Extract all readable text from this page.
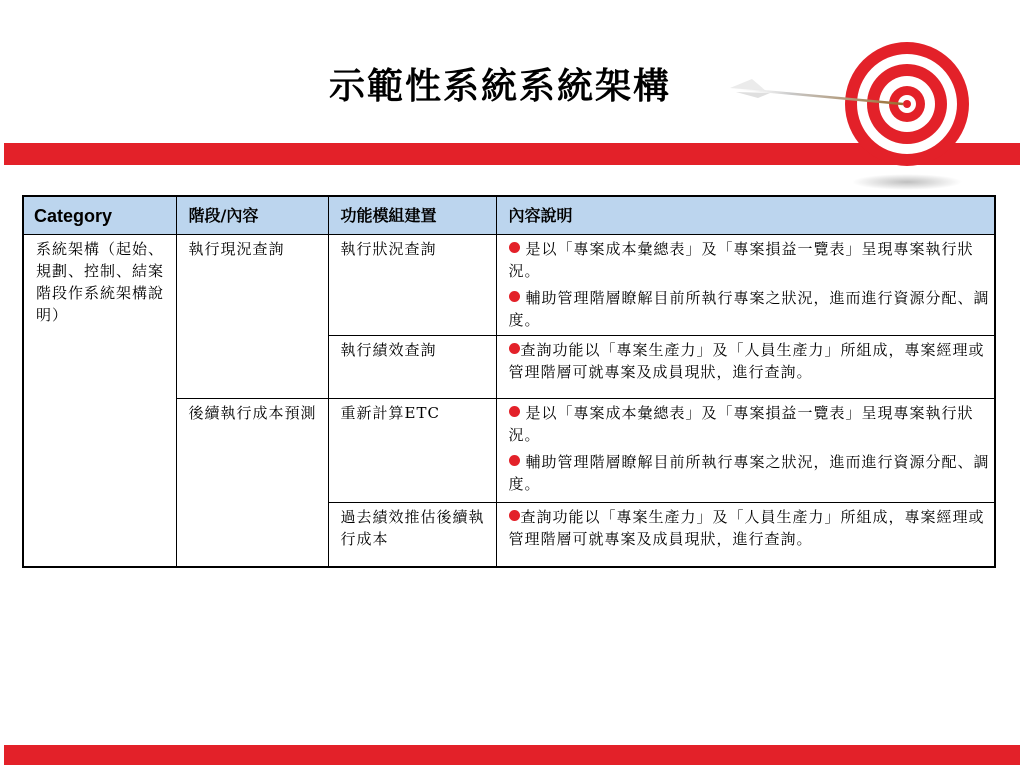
示範性系統系統架構
Category	階段/內容	功能模組建置	內容說明
系統架構（起始、規劃、控制、結案階段作系統架構說明）	執行現況查詢	執行狀況查詢	是以「專案成本彙總表」及「專案損益一覽表」呈現專案執行狀況。
輔助管理階層瞭解目前所執行專案之狀況，進而進行資源分配、調度。

		執行績效查詢	查詢功能以「專案生產力」及「人員生產力」所組成，專案經理或管理階層可就專案及成員現狀，進行查詢。

	後續執行成本預測	重新計算ETC	是以「專案成本彙總表」及「專案損益一覽表」呈現專案執行狀況。
輔助管理階層瞭解目前所執行專案之狀況，進而進行資源分配、調度。

		過去績效推估後續執行成本	查詢功能以「專案生產力」及「人員生產力」所組成，專案經理或管理階層可就專案及成員現狀，進行查詢。
